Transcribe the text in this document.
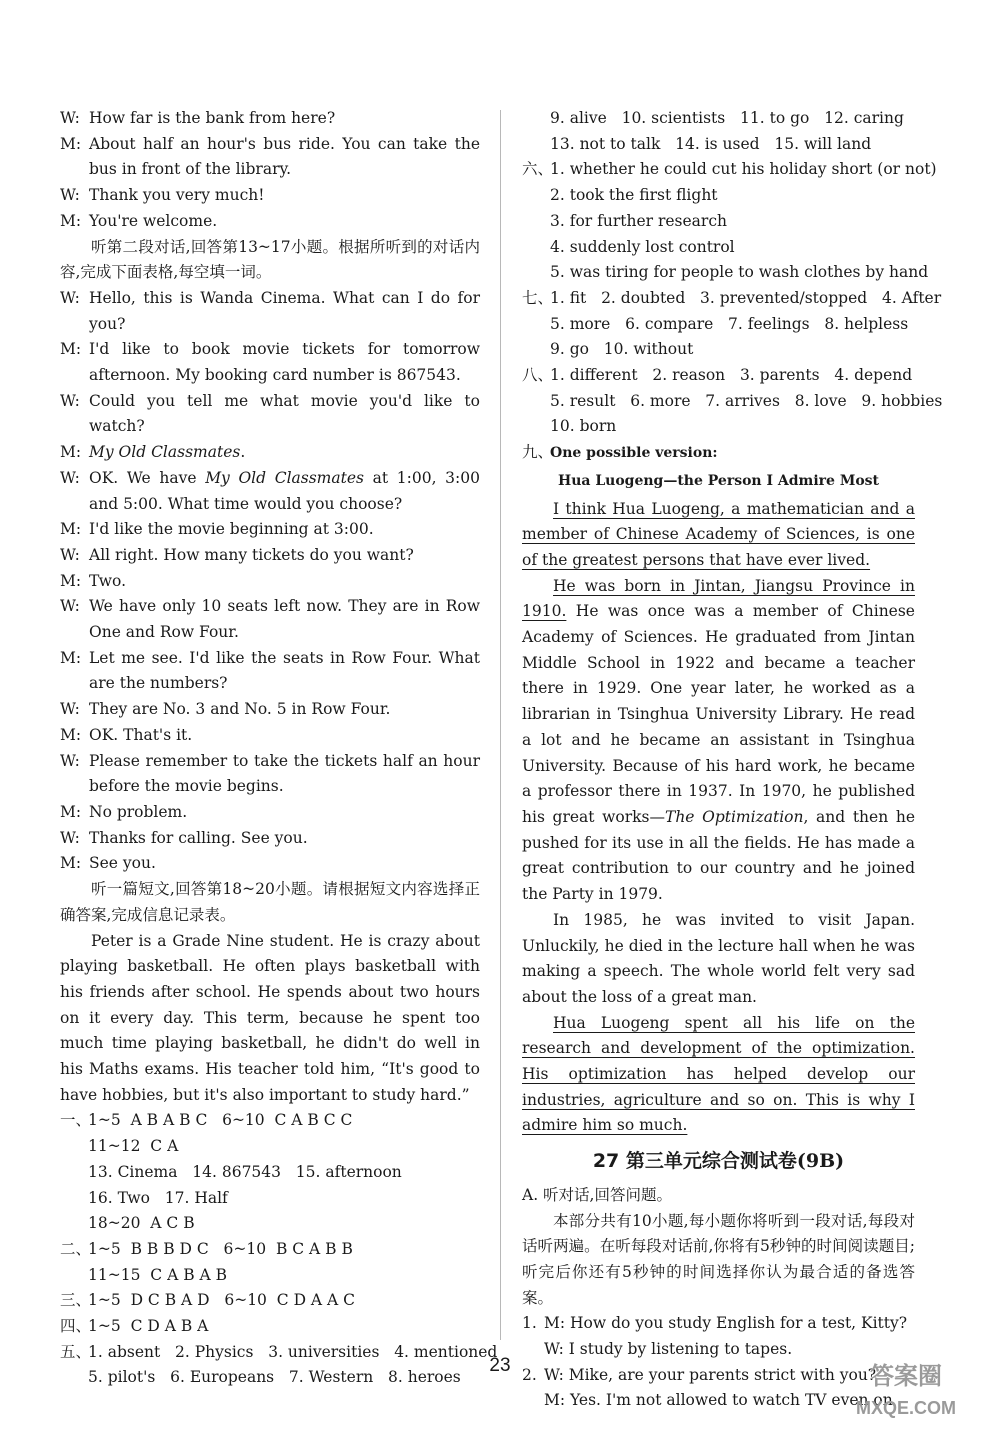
W: How far is the bank from here?
M: About half an hour's bus ride. You can take the bus in front of the library.
W: Thank you very much!
M: You're welcome.
听第二段对话,回答第13~17小题。根据所听到的对话内容,完成下面表格,每空填一词。
W: Hello, this is Wanda Cinema. What can I do for you?
M: I'd like to book movie tickets for tomorrow afternoon. My booking card number is 867543.
W: Could you tell me what movie you'd like to watch?
M: My Old Classmates.
W: OK. We have My Old Classmates at 1:00, 3:00 and 5:00. What time would you choose?
M: I'd like the movie beginning at 3:00.
W: All right. How many tickets do you want?
M: Two.
W: We have only 10 seats left now. They are in Row One and Row Four.
M: Let me see. I'd like the seats in Row Four. What are the numbers?
W: They are No. 3 and No. 5 in Row Four.
M: OK. That's it.
W: Please remember to take the tickets half an hour before the movie begins.
M: No problem.
W: Thanks for calling. See you.
M: See you.
听一篇短文,回答第18~20小题。请根据短文内容选择正确答案,完成信息记录表。
Peter is a Grade Nine student. He is crazy about playing basketball. He often plays basketball with his friends after school. He spends about two hours on it every day. This term, because he spent too much time playing basketball, he didn't do well in his Maths exams. His teacher told him, “It's good to have hobbies, but it's also important to study hard.”
一、1~5  A B A B C   6~10  C A B C C
11~12  C A
13. Cinema   14. 867543   15. afternoon
16. Two   17. Half
18~20  A C B
二、1~5  B B B D C   6~10  B C A B B
11~15  C A B A B
三、1~5  D C B A D   6~10  C D A A C
四、1~5  C D A B A
五、1. absent   2. Physics   3. universities   4. mentioned
5. pilot's   6. Europeans   7. Western   8. heroes
9. alive   10. scientists   11. to go   12. caring
13. not to talk   14. is used   15. will land
六、1. whether he could cut his holiday short (or not)
2. took the first flight
3. for further research
4. suddenly lost control
5. was tiring for people to wash clothes by hand
七、1. fit   2. doubted   3. prevented/stopped   4. After
5. more   6. compare   7. feelings   8. helpless
9. go   10. without
八、1. different   2. reason   3. parents   4. depend
5. result   6. more   7. arrives   8. love   9. hobbies
10. born
九、One possible version:
Hua Luogeng—the Person I Admire Most
I think Hua Luogeng, a mathematician and a member of Chinese Academy of Sciences, is one of the greatest persons that have ever lived.
He was born in Jintan, Jiangsu Province in 1910. He was once was a member of Chinese Academy of Sciences. He graduated from Jintan Middle School in 1922 and became a teacher there in 1929. One year later, he worked as a librarian in Tsinghua University Library. He read a lot and he became an assistant in Tsinghua University. Because of his hard work, he became a professor there in 1937. In 1970, he published his great works—The Optimization, and then he pushed for its use in all the fields. He has made a great contribution to our country and he joined the Party in 1979.
In 1985, he was invited to visit Japan. Unluckily, he died in the lecture hall when he was making a speech. The whole world felt very sad about the loss of a great man.
Hua Luogeng spent all his life on the research and development of the optimization. His optimization has helped develop our industries, agriculture and so on. This is why I admire him so much.
27 第三单元综合测试卷(9B)
A. 听对话,回答问题。
本部分共有10小题,每小题你将听到一段对话,每段对话听两遍。在听每段对话前,你将有5秒钟的时间阅读题目;听完后你还有5秒钟的时间选择你认为最合适的备选答案。
1. M: How do you study English for a test, Kitty?
W: I study by listening to tapes.
2. W: Mike, are your parents strict with you?
M: Yes. I'm not allowed to watch TV even on
23	答案圈
MXQE.COM
